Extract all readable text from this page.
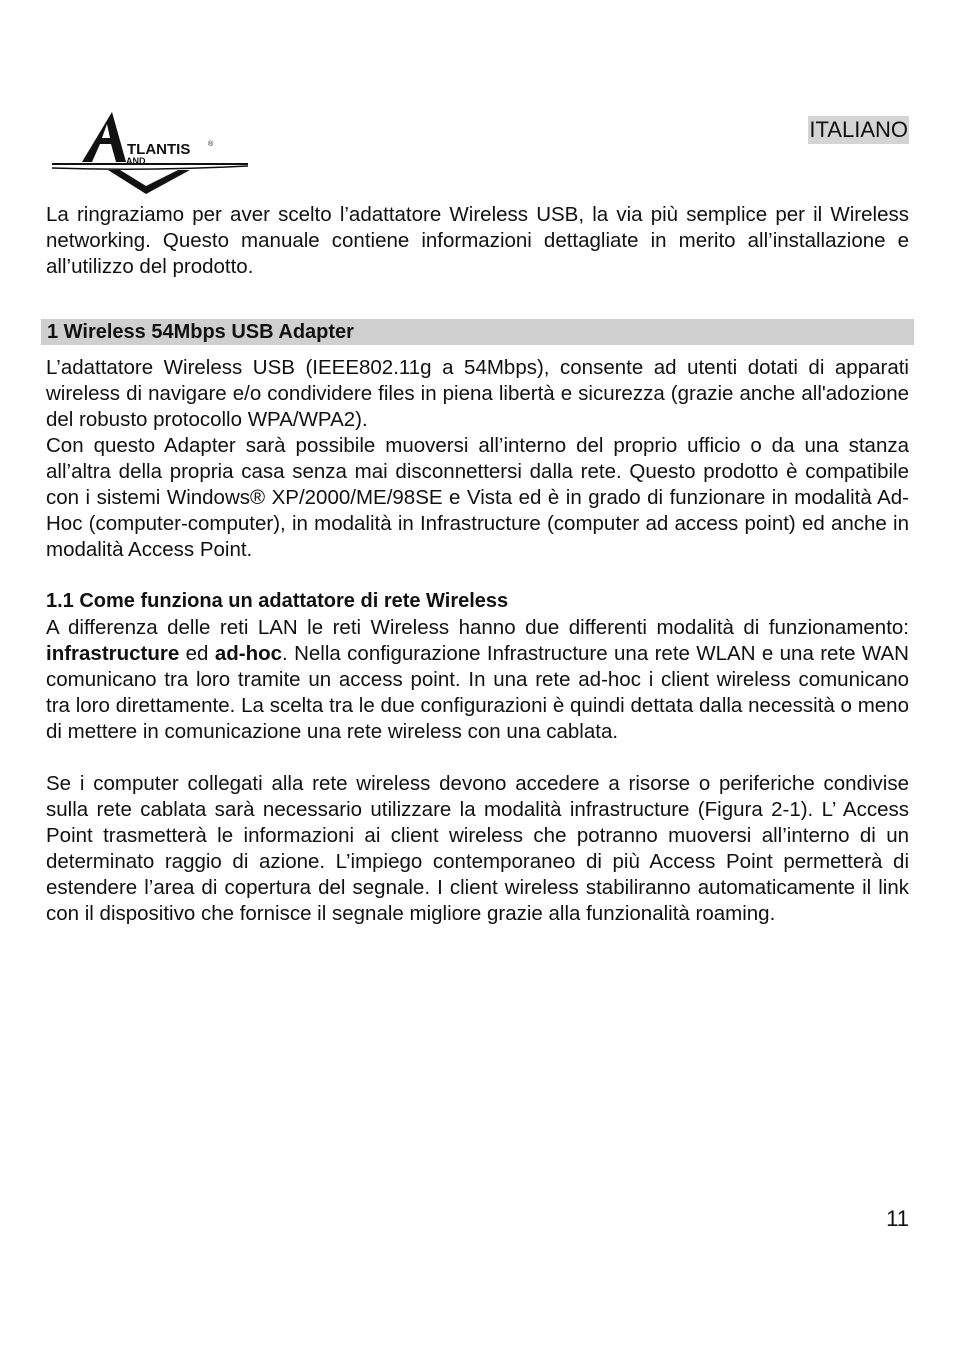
TLANTIS
AND
®
ITALIANO

La ringraziamo per aver scelto l’adattatore Wireless USB, la via più semplice per il Wireless networking. Questo manuale contiene informazioni dettagliate in merito all’installazione e all’utilizzo del prodotto.

1 Wireless 54Mbps USB Adapter

L’adattatore Wireless USB (IEEE802.11g a 54Mbps), consente ad utenti dotati di apparati wireless di navigare e/o condividere files in piena libertà e sicurezza (grazie anche all'adozione del robusto protocollo WPA/WPA2).

Con questo Adapter sarà possibile muoversi all’interno del proprio ufficio o da una stanza all’altra della propria casa senza mai disconnettersi dalla rete. Questo prodotto è compatibile con i sistemi Windows® XP/2000/ME/98SE e Vista ed è in grado di funzionare in modalità Ad-Hoc (computer-computer), in modalità in Infrastructure (computer ad access point) ed anche in modalità Access Point.

1.1 Come funziona un adattatore di rete Wireless

A differenza delle reti LAN le reti Wireless hanno due differenti modalità di funzionamento: infrastructure ed ad-hoc. Nella configurazione Infrastructure una rete WLAN e una rete WAN comunicano tra loro tramite un access point. In una rete ad-hoc i client wireless comunicano tra loro direttamente. La scelta tra le due configurazioni è quindi dettata dalla necessità o meno di mettere in comunicazione una rete wireless con una cablata.

Se i computer collegati alla rete wireless devono accedere a risorse o periferiche condivise sulla rete cablata sarà necessario utilizzare la modalità infrastructure (Figura 2-1). L’ Access Point trasmetterà le informazioni ai client wireless che potranno muoversi all’interno di un determinato raggio di azione. L’impiego contemporaneo di più Access Point permetterà di estendere l’area di copertura del segnale. I client wireless stabiliranno automaticamente il link con il dispositivo che fornisce il segnale migliore grazie alla funzionalità roaming.

11
